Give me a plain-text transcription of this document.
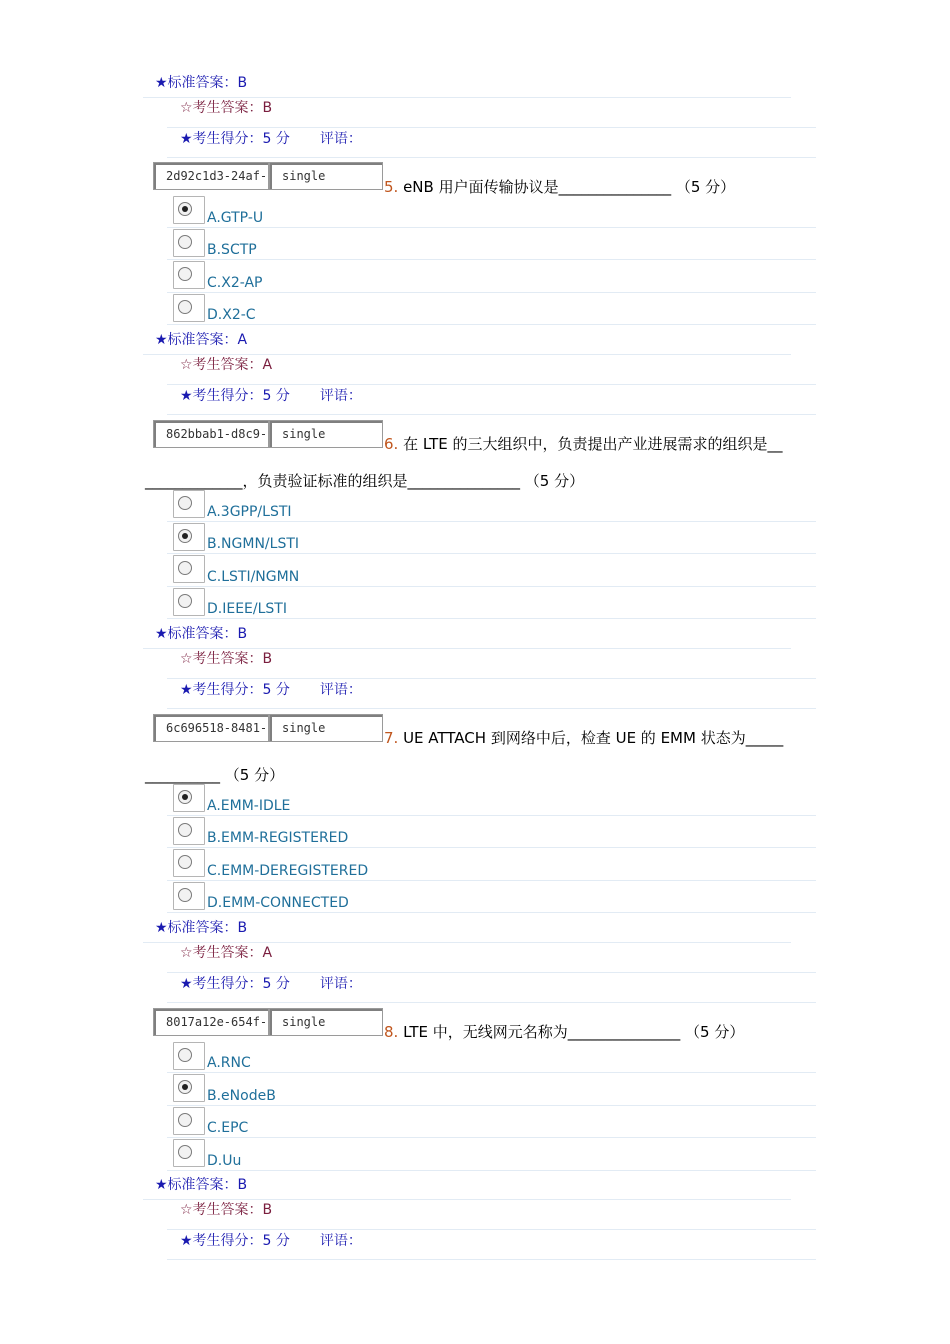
★标准答案：B
☆考生答案：B
★考生得分：5 分 评语：
2d92c1d3-24af-	single
5. eNB 用户面传输协议是_______________ （5 分）
A.GTP-U
B.SCTP
C.X2-AP
D.X2-C
★标准答案：A
☆考生答案：A
★考生得分：5 分 评语：
862bbab1-d8c9-	single
6. 在 LTE 的三大组织中，负责提出产业进展需求的组织是__
_____________，负责验证标准的组织是_______________ （5 分）
A.3GPP/LSTI
B.NGMN/LSTI
C.LSTI/NGMN
D.IEEE/LSTI
★标准答案：B
☆考生答案：B
★考生得分：5 分 评语：
6c696518-8481-	single
7. UE ATTACH 到网络中后，检查 UE 的 EMM 状态为_____
__________ （5 分）
A.EMM-IDLE
B.EMM-REGISTERED
C.EMM-DEREGISTERED
D.EMM-CONNECTED
★标准答案：B
☆考生答案：A
★考生得分：5 分 评语：
8017a12e-654f-	single
8. LTE 中，无线网元名称为_______________ （5 分）
A.RNC
B.eNodeB
C.EPC
D.Uu
★标准答案：B
☆考生答案：B
★考生得分：5 分 评语：
